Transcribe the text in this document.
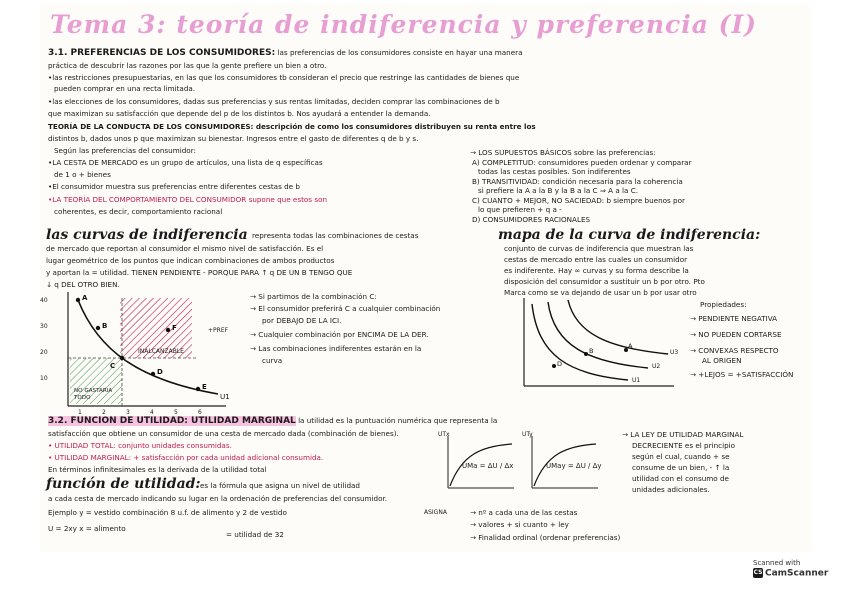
Tema 3: teoría de indiferencia y preferencia (I)
3.1. PREFERENCIAS DE LOS CONSUMIDORES: las preferencias de los consumidores consiste en hayar una manera
práctica de descubrir las razones por las que la gente prefiere un bien a otro.
•las restricciones presupuestarias, en las que los consumidores tb consideran el precio que restringe las cantidades de bienes que
pueden comprar en una recta limitada.
•las elecciones de los consumidores, dadas sus preferencias y sus rentas limitadas, deciden comprar las combinaciones de b
que maximizan su satisfacción que depende del p de los distintos b. Nos ayudará a entender la demanda.
TEORÍA DE LA CONDUCTA DE LOS CONSUMIDORES: descripción de como los consumidores distribuyen su renta entre los
distintos b, dados unos p que maximizan su bienestar. Ingresos entre el gasto de diferentes q de b y s.
Según las preferencias del consumidor:
•LA CESTA DE MERCADO es un grupo de artículos, una lista de q específicas
de 1 o + bienes
•El consumidor muestra sus preferencias entre diferentes cestas de b
•LA TEORÍA DEL COMPORTAMIENTO DEL CONSUMIDOR supone que estos son
coherentes, es decir, comportamiento racional
→ LOS SUPUESTOS BÁSICOS sobre las preferencias:
A) COMPLETITUD: consumidores pueden ordenar y comparar
todas las cestas posibles. Son indiferentes
B) TRANSITIVIDAD: condición necesaria para la coherencia
si prefiere la A a la B y la B a la C ⇒ A a la C.
C) CUANTO + MEJOR, NO SACIEDAD: b siempre buenos por
lo que prefieren + q a -
D) CONSUMIDORES RACIONALES
las curvas de indiferencia representa todas las combinaciones de cestas
de mercado que reportan al consumidor el mismo nivel de satisfacción. Es el
lugar geométrico de los puntos que indican combinaciones de ambos productos
y aportan la = utilidad. TIENEN PENDIENTE - PORQUE PARA ↑ q DE UN B TENGO QUE
↓ q DEL OTRO BIEN.
A
B
C
D
E
F	+PREF
INALCANZABLE
NO GASTARIA TODO	U1
40
30
20
10
1	2	3	4	5	6
→ Si partimos de la combinación C:
→ El consumidor preferirá C a cualquier combinación
por DEBAJO DE LA ICI.
→ Cualquier combinación por ENCIMA DE LA DER.
→ Las combinaciones indiferentes estarán en la
curva
mapa de la curva de indiferencia:
conjunto de curvas de indiferencia que muestran las
cestas de mercado entre las cuales un consumidor
es indiferente. Hay ∞ curvas y su forma describe la
disposición del consumidor a sustituir un b por otro. Pto
Marca como se va dejando de usar un b por usar otro
A
B
D
U3
U2
U1
Propiedades:
→ PENDIENTE NEGATIVA
→ NO PUEDEN CORTARSE
→ CONVEXAS RESPECTO
AL ORIGEN
→ +LEJOS = +SATISFACCIÓN
3.2. FUNCIÓN DE UTILIDAD: UTILIDAD MARGINAL la utilidad es la puntuación numérica que representa la
satisfacción que obtiene un consumidor de una cesta de mercado dada (combinación de bienes).
• UTILIDAD TOTAL: conjunto unidades consumidas.
• UTILIDAD MARGINAL: + satisfacción por cada unidad adicional consumida.
En términos infinitesimales es la derivada de la utilidad total
UTx
UMa = ΔU / Δx
UTy
UMay = ΔU / Δy
→ LA LEY DE UTILIDAD MARGINAL
DECRECIENTE es el principio
según el cual, cuando + se
consume de un bien, - ↑ la
utilidad con el consumo de
unidades adicionales.
función de utilidad: es la fórmula que asigna un nivel de utilidad
a cada cesta de mercado indicando su lugar en la ordenación de preferencias del consumidor.
Ejemplo y = vestido combinación 8 u.f. de alimento y 2 de vestido
U = 2xy x = alimento
= utilidad de 32
ASIGNA	→ nº a cada una de las cestas
→ valores + si cuanto + ley
→ Finalidad ordinal (ordenar preferencias)
Scanned with
CS CamScanner
